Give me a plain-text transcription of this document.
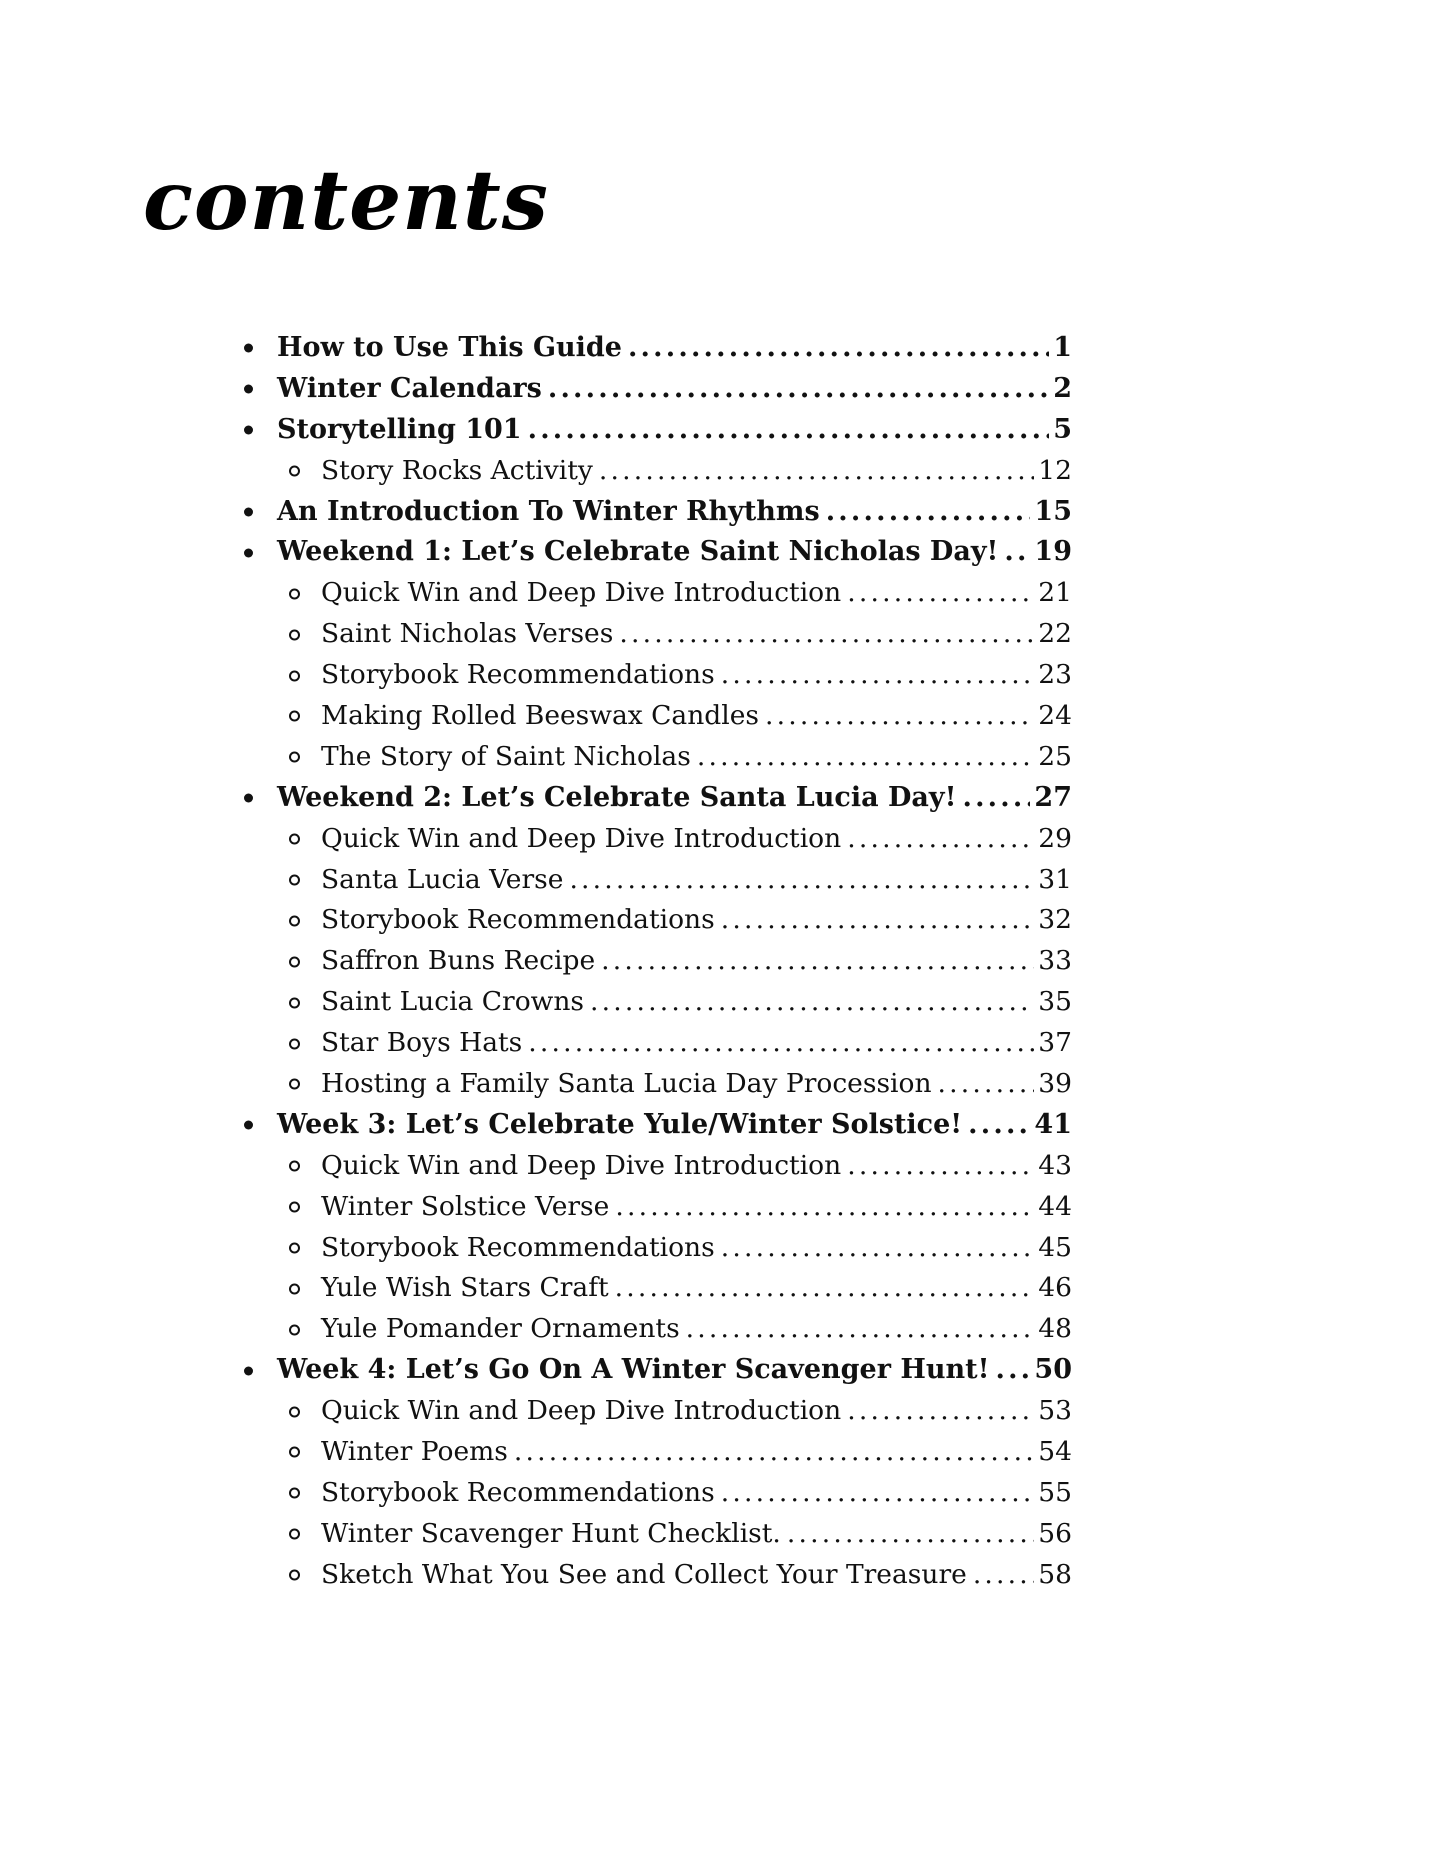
contents
How to Use This Guide .....	1
Winter Calendars .....	2
Storytelling 101 .....	5
Story Rocks Activity .....	12
An Introduction To Winter Rhythms .....	15
Weekend 1: Let’s Celebrate Saint Nicholas Day! ..... 19
Quick Win and Deep Dive Introduction .....	21
Saint Nicholas Verses .....	22
Storybook Recommendations .....	23
Making Rolled Beeswax Candles .....	24
The Story of Saint Nicholas .....	25
Weekend 2: Let’s Celebrate Santa Lucia Day! .....	27
Quick Win and Deep Dive Introduction .....	29
Santa Lucia Verse .....	31
Storybook Recommendations .....	32
Saffron Buns Recipe .....	33
Saint Lucia Crowns .....	35
Star Boys Hats .....	37
Hosting a Family Santa Lucia Day Procession .....	39
Week 3: Let’s Celebrate Yule/Winter Solstice! .....	41
Quick Win and Deep Dive Introduction .....	43
Winter Solstice Verse .....	44
Storybook Recommendations .....	45
Yule Wish Stars Craft .....	46
Yule Pomander Ornaments .....	48
Week 4: Let’s Go On A Winter Scavenger Hunt! ..... 50
Quick Win and Deep Dive Introduction .....	53
Winter Poems .....	54
Storybook Recommendations .....	55
Winter Scavenger Hunt Checklist. .....	56
Sketch What You See and Collect Your Treasure .....	58
